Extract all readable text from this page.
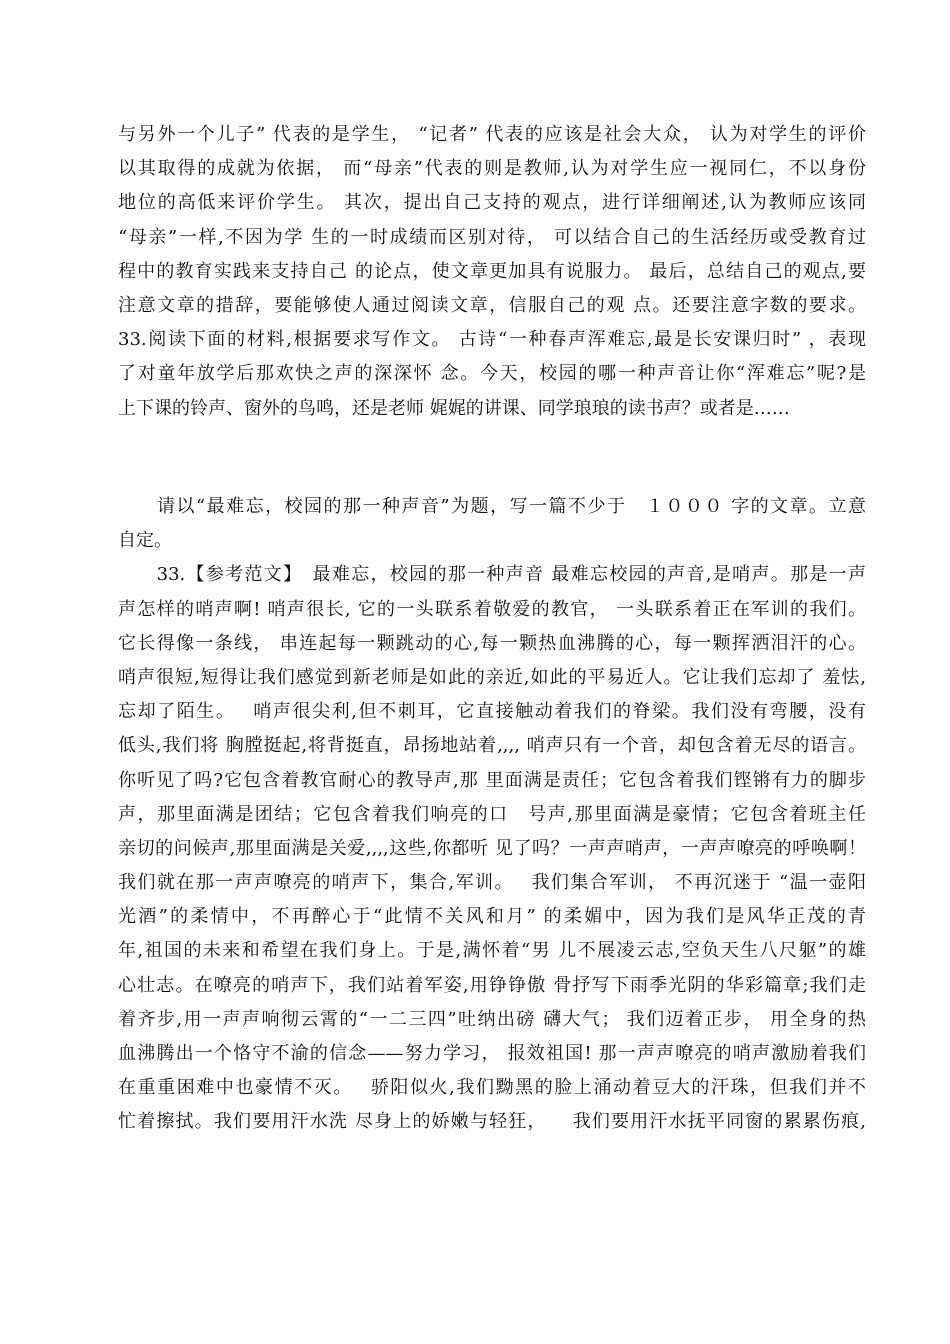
与另外一个儿子” 代表的是学生， “记者” 代表的应该是社会大众， 认为对学生的评价
以其取得的成就为依据， 而“母亲”代表的则是教师,认为对学生应一视同仁，不以身份
地位的高低来评价学生。 其次，提出自己支持的观点，进行详细阐述,认为教师应该同
“母亲”一样,不因为学 生的一时成绩而区别对待， 可以结合自己的生活经历或受教育过
程中的教育实践来支持自己 的论点，使文章更加具有说服力。 最后，总结自己的观点,要
注意文章的措辞，要能够使人通过阅读文章，信服自己的观 点。还要注意字数的要求。
33.阅读下面的材料,根据要求写作文。 古诗“一种春声浑难忘,最是长安课归时” ，表现
了对童年放学后那欢快之声的深深怀 念。今天，校园的哪一种声音让你“浑难忘”呢?是
上下课的铃声、窗外的鸟鸣，还是老师 娓娓的讲课、同学琅琅的读书声？或者是……
　　请以“最难忘，校园的那一种声音”为题，写一篇不少于　１０００ 字的文章。立意
自定。
　　33.【参考范文】　最难忘，校园的那一种声音 最难忘校园的声音,是哨声。那是一声
声怎样的哨声啊! 哨声很长, 它的一头联系着敬爱的教官， 一头联系着正在军训的我们。
它长得像一条线， 串连起每一颗跳动的心,每一颗热血沸腾的心，每一颗挥洒泪汗的心。
哨声很短,短得让我们感觉到新老师是如此的亲近,如此的平易近人。它让我们忘却了 羞怯,
忘却了陌生。　 哨声很尖利,但不刺耳，它直接触动着我们的脊梁。我们没有弯腰，没有
低头,我们将 胸膛挺起,将背挺直，昂扬地站着,,,, 哨声只有一个音，却包含着无尽的语言。
你听见了吗?它包含着教官耐心的教导声,那 里面满是责任；它包含着我们铿锵有力的脚步
声，那里面满是团结；它包含着我们响亮的口　号声,那里面满是豪情；它包含着班主任
亲切的问候声,那里面满是关爱,,,,这些,你都听 见了吗？一声声哨声，一声声嘹亮的呼唤啊！
我们就在那一声声嘹亮的哨声下，集合,军训。　 我们集合军训， 不再沉迷于 “温一壶阳
光酒”的柔情中，不再醉心于“此情不关风和月” 的柔媚中，因为我们是风华正茂的青
年,祖国的未来和希望在我们身上。于是,满怀着“男 儿不展凌云志,空负天生八尺躯”的雄
心壮志。在嘹亮的哨声下，我们站着军姿,用铮铮傲 骨抒写下雨季光阴的华彩篇章;我们走
着齐步,用一声声响彻云霄的“一二三四”吐纳出磅 礴大气； 我们迈着正步， 用全身的热
血沸腾出一个恪守不渝的信念——努力学习， 报效祖国! 那一声声嘹亮的哨声激励着我们
在重重困难中也豪情不灭。　 骄阳似火,我们黝黑的脸上涌动着豆大的汗珠，但我们并不
忙着擦拭。我们要用汗水洗 尽身上的娇嫩与轻狂， 　我们要用汗水抚平同窗的累累伤痕,
